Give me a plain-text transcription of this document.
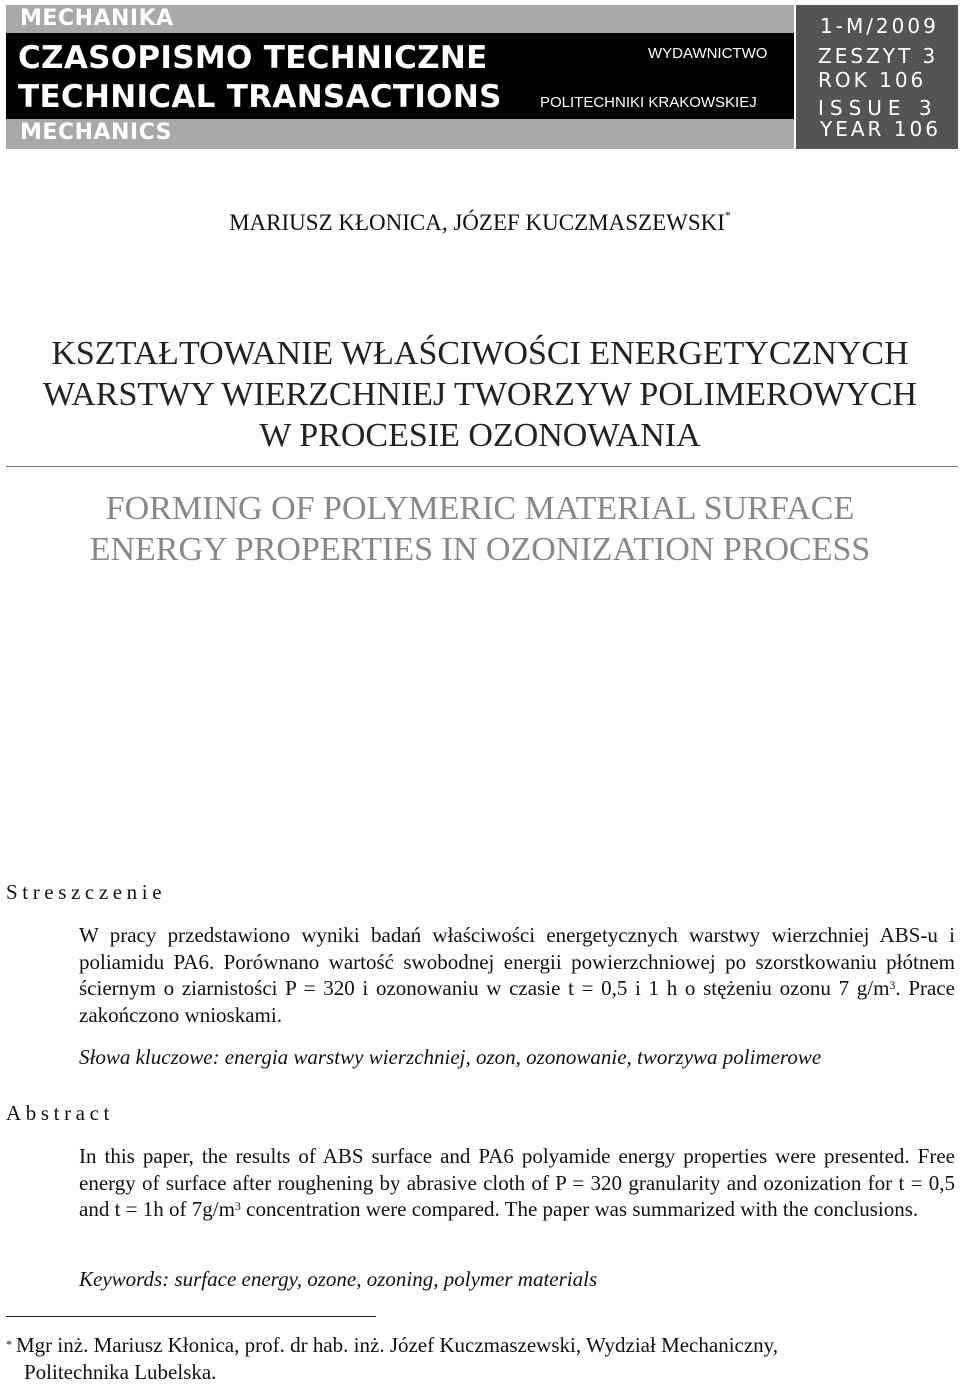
MECHANIKA
CZASOPISMO TECHNICZNE
TECHNICAL TRANSACTIONS
MECHANICS
WYDAWNICTWO
POLITECHNIKI KRAKOWSKIEJ
1-M/2009
ZESZYT 3
ROK 106
ISSUE 3
YEAR 106
MARIUSZ KŁONICA, JÓZEF KUCZMASZEWSKI*
KSZTAŁTOWANIE WŁAŚCIWOŚCI ENERGETYCZNYCH
WARSTWY WIERZCHNIEJ TWORZYW POLIMEROWYCH
W PROCESIE OZONOWANIA
FORMING OF POLYMERIC MATERIAL SURFACE
ENERGY PROPERTIES IN OZONIZATION PROCESS
Streszczenie
W pracy przedstawiono wyniki badań właściwości energetycznych warstwy wierzchniej ABS-u i poliamidu PA6. Porównano wartość swobodnej energii powierzchniowej po szorstkowaniu płótnem ściernym o ziarnistości P = 320 i ozonowaniu w czasie t = 0,5 i 1 h o stężeniu ozonu 7 $g/m^3$. Prace zakończono wnioskami.
Słowa kluczowe: energia warstwy wierzchniej, ozon, ozonowanie, tworzywa polimerowe
Abstract
In this paper, the results of ABS surface and PA6 polyamide energy properties were presented. Free energy of surface after roughening by abrasive cloth of P = 320 granularity and ozonization for t = 0,5 and t = 1h of $7g/m^3$ concentration were compared. The paper was summarized with the conclusions.
Keywords: surface energy, ozone, ozoning, polymer materials
* Mgr inż. Mariusz Kłonica, prof. dr hab. inż. Józef Kuczmaszewski, Wydział Mechaniczny,
Politechnika Lubelska.
